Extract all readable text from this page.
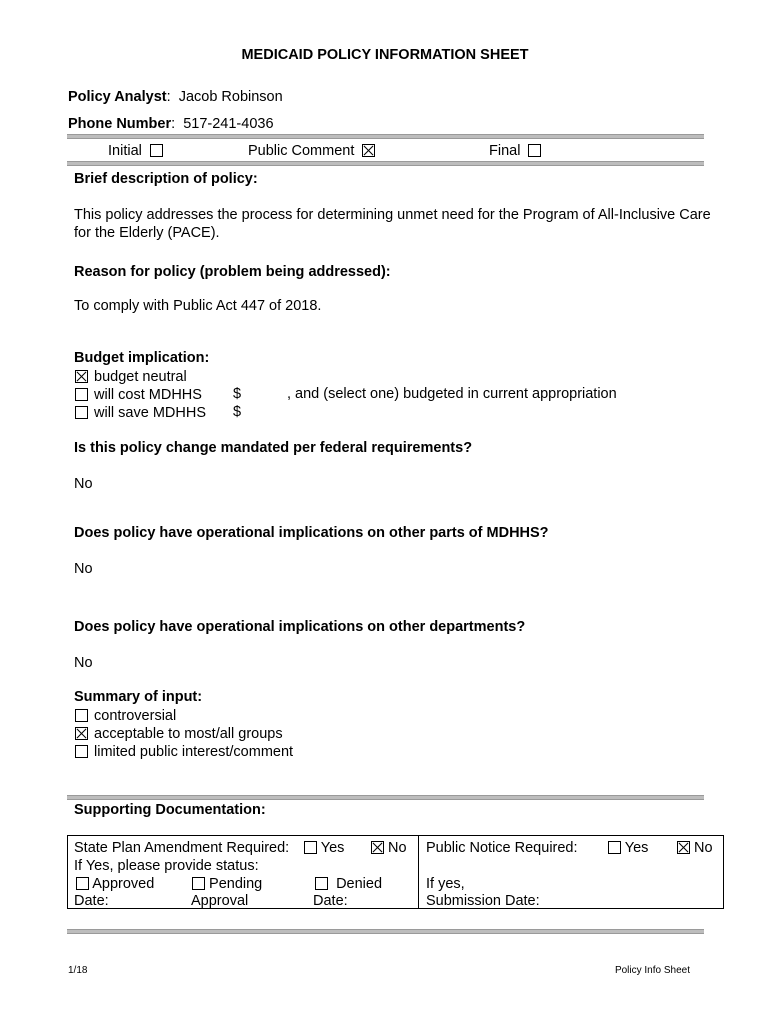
MEDICAID POLICY INFORMATION SHEET
Policy Analyst:  Jacob Robinson
Phone Number:  517-241-4036
Initial	Public Comment	Final
Brief description of policy:
This policy addresses the process for determining unmet need for the Program of All-Inclusive Care for the Elderly (PACE).
Reason for policy (problem being addressed):
To comply with Public Act 447 of 2018.
Budget implication:
budget neutral
will cost MDHHS $	, and (select one) budgeted in current appropriation
will save MDHHS $
Is this policy change mandated per federal requirements?
No
Does policy have operational implications on other parts of MDHHS?
No
Does policy have operational implications on other departments?
No
Summary of input:
controversial
acceptable to most/all groups
limited public interest/comment
Supporting Documentation:
State Plan Amendment Required:	Yes	No
If Yes, please provide status:
Approved	Pending	Denied
Date:	Approval	Date:
Public Notice Required:	Yes	No
If yes,
Submission Date:
1/18	Policy Info Sheet
